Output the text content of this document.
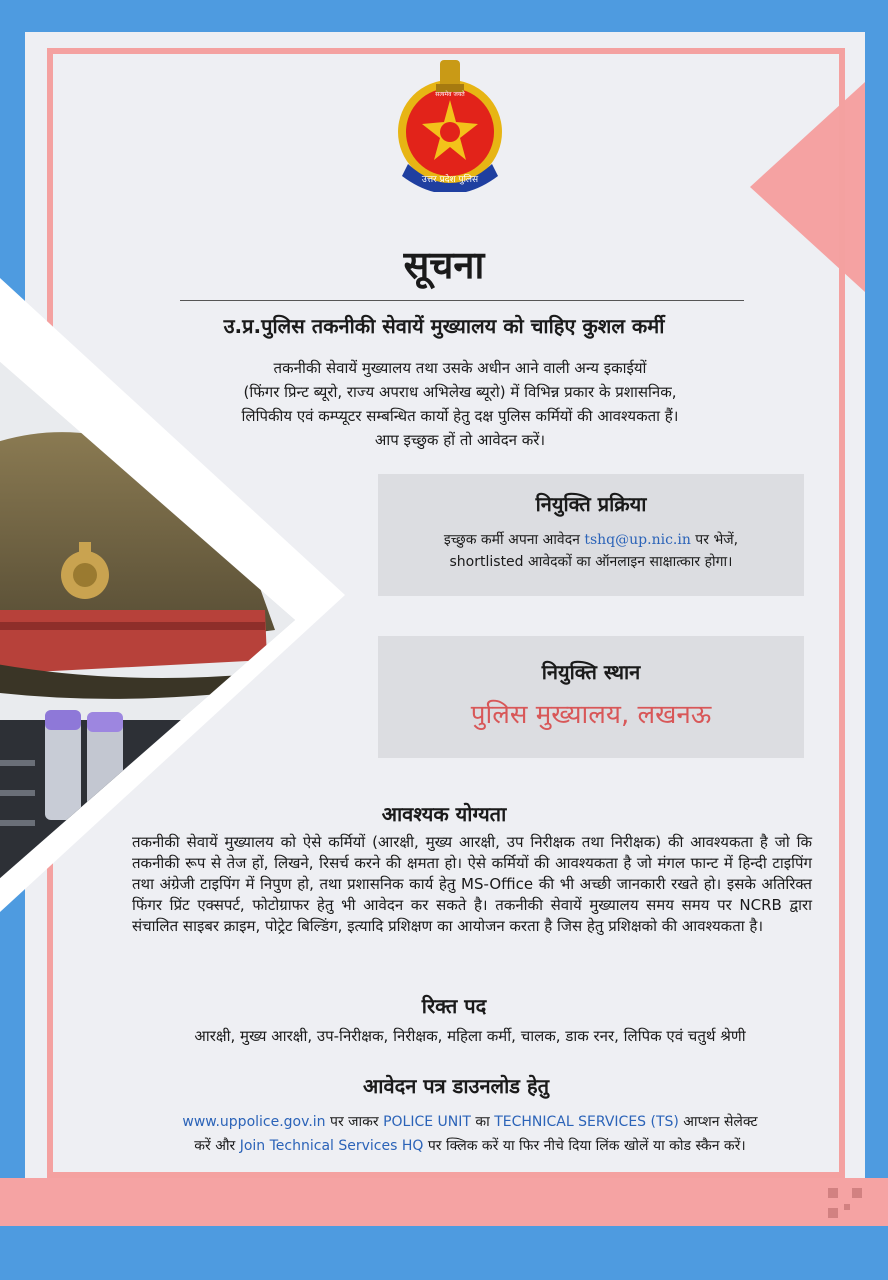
सत्यमेव जयते
उत्तर प्रदेश पुलिस
सूचना
उ.प्र.पुलिस तकनीकी सेवायें मुख्यालय को चाहिए कुशल कर्मी
तकनीकी सेवायें मुख्यालय तथा उसके अधीन आने वाली अन्य इकाईयों
(फिंगर प्रिन्ट ब्यूरो, राज्य अपराध अभिलेख ब्यूरो) में विभिन्न प्रकार के प्रशासनिक,
लिपिकीय एवं कम्प्यूटर सम्बन्धित कार्यो हेतु दक्ष पुलिस कर्मियों की आवश्यकता हैं।
आप इच्छुक हों तो आवेदन करें।
नियुक्ति प्रक्रिया
इच्छुक कर्मी अपना आवेदन tshq@up.nic.in पर भेजें,
shortlisted आवेदकों का ऑनलाइन साक्षात्कार होगा।
नियुक्ति स्थान
पुलिस मुख्यालय, लखनऊ
आवश्यक योग्यता
तकनीकी सेवायें मुख्यालय को ऐसे कर्मियों (आरक्षी, मुख्य आरक्षी, उप निरीक्षक तथा निरीक्षक) की आवश्यकता है जो कि तकनीकी रूप से तेज हों, लिखने, रिसर्च करने की क्षमता हो। ऐसे कर्मियों की आवश्यकता है जो मंगल फान्ट में हिन्दी टाइपिंग तथा अंग्रेजी टाइपिंग में निपुण हो, तथा प्रशासनिक कार्य हेतु MS-Office की भी अच्छी जानकारी रखते हो। इसके अतिरिक्त फिंगर प्रिंट एक्सपर्ट, फोटोग्राफर हेतु भी आवेदन कर सकते है। तकनीकी सेवायें मुख्यालय समय समय पर NCRB द्वारा संचालित साइबर क्राइम, पोट्रेट बिल्डिंग, इत्यादि प्रशिक्षण का आयोजन करता है जिस हेतु प्रशिक्षको की आवश्यकता है।
रिक्त पद
आरक्षी, मुख्य आरक्षी, उप-निरीक्षक, निरीक्षक, महिला कर्मी, चालक, डाक रनर, लिपिक एवं चतुर्थ श्रेणी
आवेदन पत्र डाउनलोड हेतु
www.uppolice.gov.in पर जाकर POLICE UNIT का TECHNICAL SERVICES (TS) आप्शन सेलेक्ट
करें और Join Technical Services HQ पर क्लिक करें या फिर नीचे दिया लिंक खोलें या कोड स्कैन करें।
